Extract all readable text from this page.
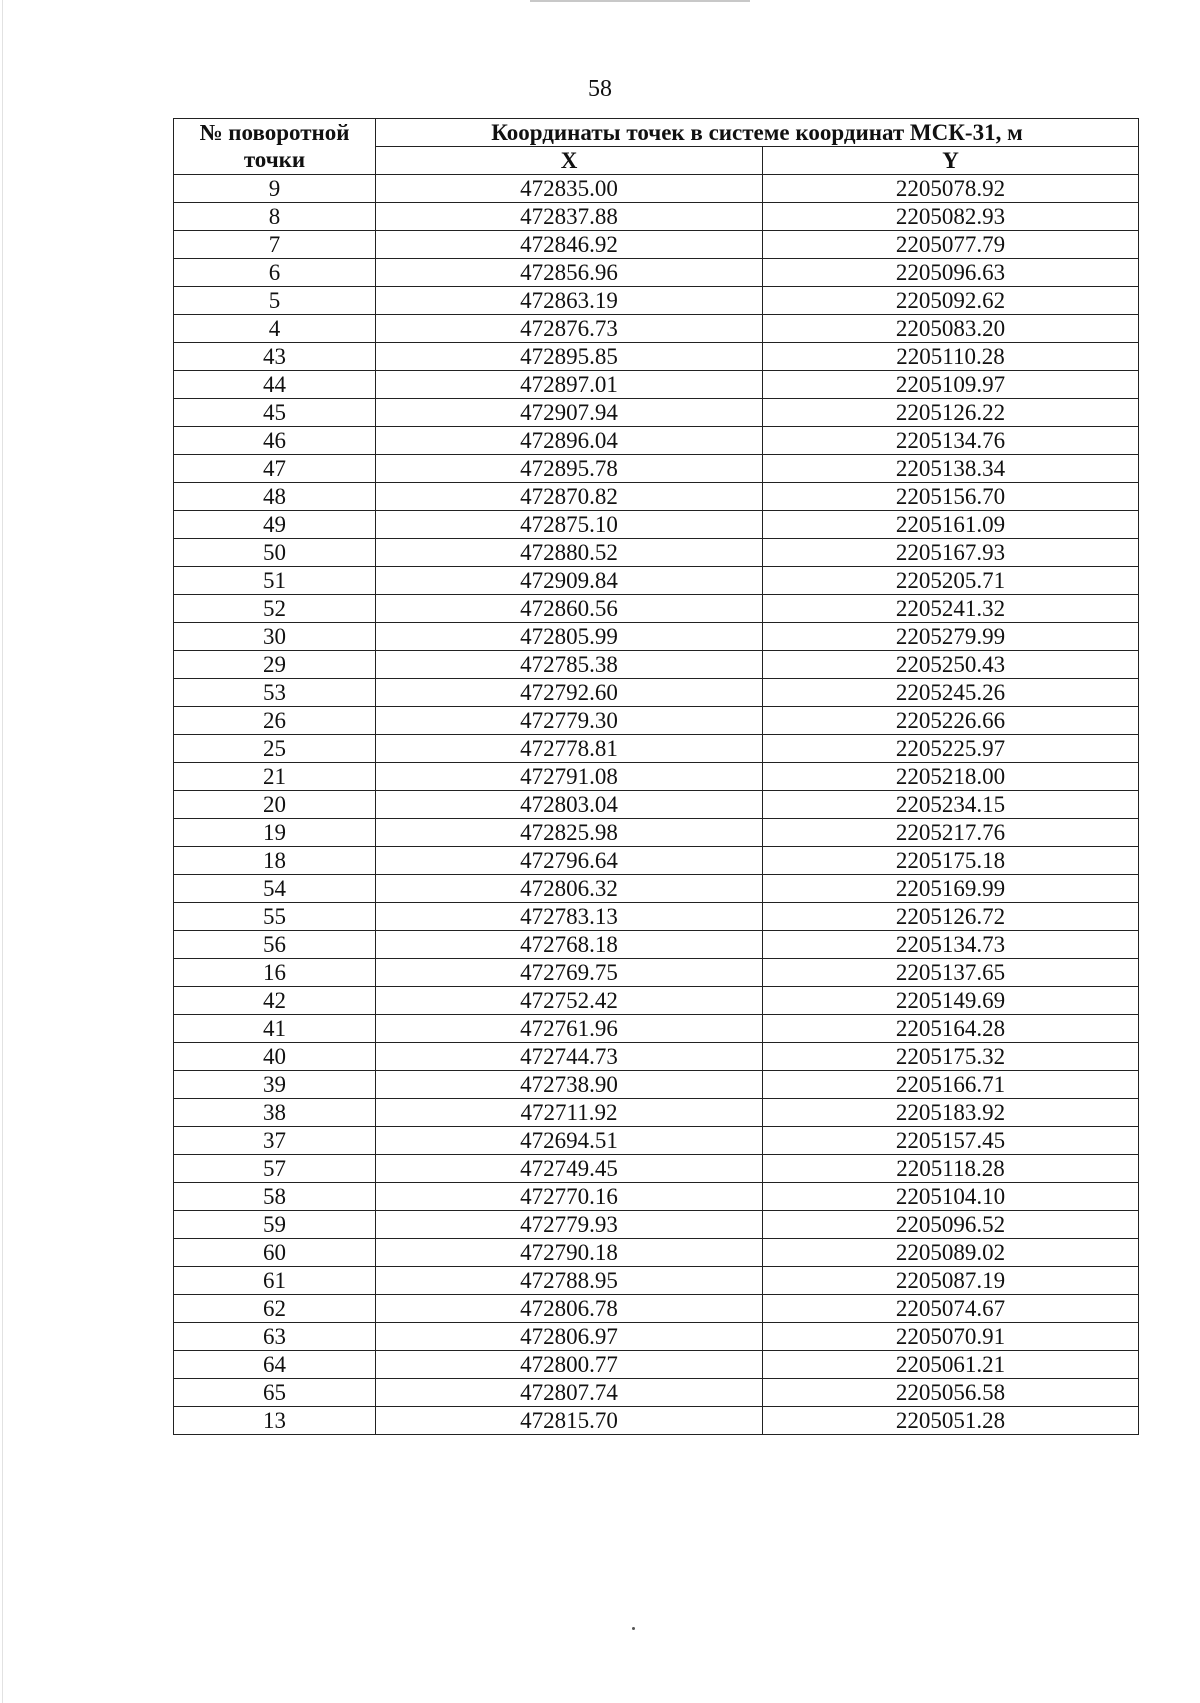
58
№ поворотной
точки	Координаты точек в системе координат МСК-31, м	
	X	Y
9	472835.00	2205078.92
8	472837.88	2205082.93
7	472846.92	2205077.79
6	472856.96	2205096.63
5	472863.19	2205092.62
4	472876.73	2205083.20
43	472895.85	2205110.28
44	472897.01	2205109.97
45	472907.94	2205126.22
46	472896.04	2205134.76
47	472895.78	2205138.34
48	472870.82	2205156.70
49	472875.10	2205161.09
50	472880.52	2205167.93
51	472909.84	2205205.71
52	472860.56	2205241.32
30	472805.99	2205279.99
29	472785.38	2205250.43
53	472792.60	2205245.26
26	472779.30	2205226.66
25	472778.81	2205225.97
21	472791.08	2205218.00
20	472803.04	2205234.15
19	472825.98	2205217.76
18	472796.64	2205175.18
54	472806.32	2205169.99
55	472783.13	2205126.72
56	472768.18	2205134.73
16	472769.75	2205137.65
42	472752.42	2205149.69
41	472761.96	2205164.28
40	472744.73	2205175.32
39	472738.90	2205166.71
38	472711.92	2205183.92
37	472694.51	2205157.45
57	472749.45	2205118.28
58	472770.16	2205104.10
59	472779.93	2205096.52
60	472790.18	2205089.02
61	472788.95	2205087.19
62	472806.78	2205074.67
63	472806.97	2205070.91
64	472800.77	2205061.21
65	472807.74	2205056.58
13	472815.70	2205051.28
